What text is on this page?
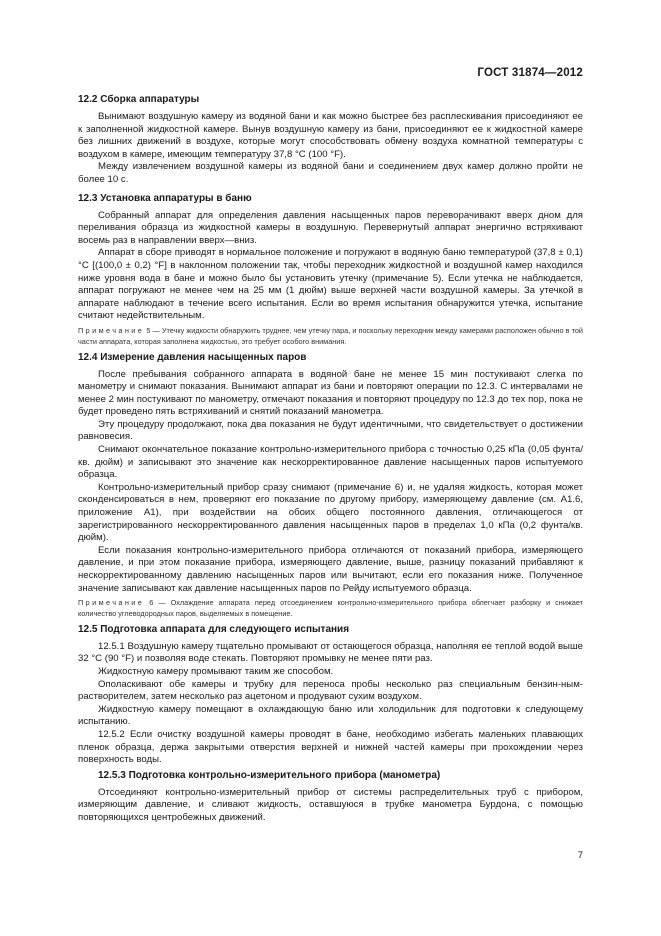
ГОСТ 31874—2012
12.2 Сборка аппаратуры

Вынимают воздушную камеру из водяной бани и как можно быстрее без расплескивания присоединяют ее к заполненной жидкостной камере. Вынув воздушную камеру из бани, присоединяют ее к жидкостной камере без лишних движений в воздухе, которые могут способствовать обмену воздуха комнатной температуры с воздухом в камере, имеющим температуру 37,8 °С (100 °F).

Между извлечением воздушной камеры из водяной бани и соединением двух камер должно пройти не более 10 с.

12.3 Установка аппаратуры в баню

Собранный аппарат для определения давления насыщенных паров переворачивают вверх дном для переливания образца из жидкостной камеры в воздушную. Перевернутый аппарат энергично встряхивают восемь раз в направлении вверх—вниз.

Аппарат в сборе приводят в нормальное положение и погружают в водяную баню температурой (37,8 ± 0,1) °С [(100,0 ± 0,2) °F] в наклонном положении так, чтобы переходник жидкостной и воздушной камер находился ниже уровня вода в бане и можно было бы установить утечку (примечание 5). Если утечка не наблюдается, аппарат погружают не менее чем на 25 мм (1 дюйм) выше верхней части воздушной камеры. За утечкой в аппарате наблюдают в течение всего испытания. Если во время испытания обнаружится утечка, испытание считают недействительным.

Примечание 5 — Утечку жидкости обнаружить труднее, чем утечку пара, и поскольку переходник между камерами расположен обычно в той части аппарата, которая заполнена жидкостью, это требует особого внимания.

12.4 Измерение давления насыщенных паров

После пребывания собранного аппарата в водяной бане не менее 15 мин постукивают слегка по манометру и снимают показания. Вынимают аппарат из бани и повторяют операции по 12.3. С интервалами не менее 2 мин постукивают по манометру, отмечают показания и повторяют процедуру по 12.3 до тех пор, пока не будет проведено пять встряхиваний и снятий показаний манометра.

Эту процедуру продолжают, пока два показания не будут идентичными, что свидетельствует о достижении равновесия.

Снимают окончательное показание контрольно-измерительного прибора с точностью 0,25 кПа (0,05 фунта/кв. дюйм) и записывают это значение как нескорректированное давление насыщенных паров испытуемого образца.

Контрольно-измерительный прибор сразу снимают (примечание 6) и, не удаляя жидкость, которая может сконденсироваться в нем, проверяют его показание по другому прибору, измеряющему давление (см. А1.6, приложение А1), при воздействии на обоих общего постоянного давления, отличающегося от зарегистрированного нескорректированного давления насыщенных паров в пределах 1,0 кПа (0,2 фунта/кв. дюйм).

Если показания контрольно-измерительного прибора отличаются от показаний прибора, измеряющего давление, и при этом показание прибора, измеряющего давление, выше, разницу показаний прибавляют к нескорректированному давлению насыщенных паров или вычитают, если его показания ниже. Полученное значение записывают как давление насыщенных паров по Рейду испытуемого образца.

Примечание 6 — Охлаждение аппарата перед отсоединением контрольно-измерительного прибора облегчает разборку и снижает количество углеводородных паров, выделяемых в помещение.

12.5 Подготовка аппарата для следующего испытания

12.5.1 Воздушную камеру тщательно промывают от остающегося образца, наполняя ее теплой водой выше 32 °С (90 °F) и позволяя воде стекать. Повторяют промывку не менее пяти раз.

Жидкостную камеру промывают таким же способом.

Ополаскивают обе камеры и трубку для переноса пробы несколько раз специальным бензин-ным-растворителем, затем несколько раз ацетоном и продувают сухим воздухом.

Жидкостную камеру помещают в охлаждающую баню или холодильник для подготовки к следующему испытанию.

12.5.2 Если очистку воздушной камеры проводят в бане, необходимо избегать маленьких плавающих пленок образца, держа закрытыми отверстия верхней и нижней частей камеры при прохождении через поверхность воды.

12.5.3 Подготовка контрольно-измерительного прибора (манометра)

Отсоединяют контрольно-измерительный прибор от системы распределительных труб с прибором, измеряющим давление, и сливают жидкость, оставшуюся в трубке манометра Бурдона, с помощью повторяющихся центробежных движений.

7
